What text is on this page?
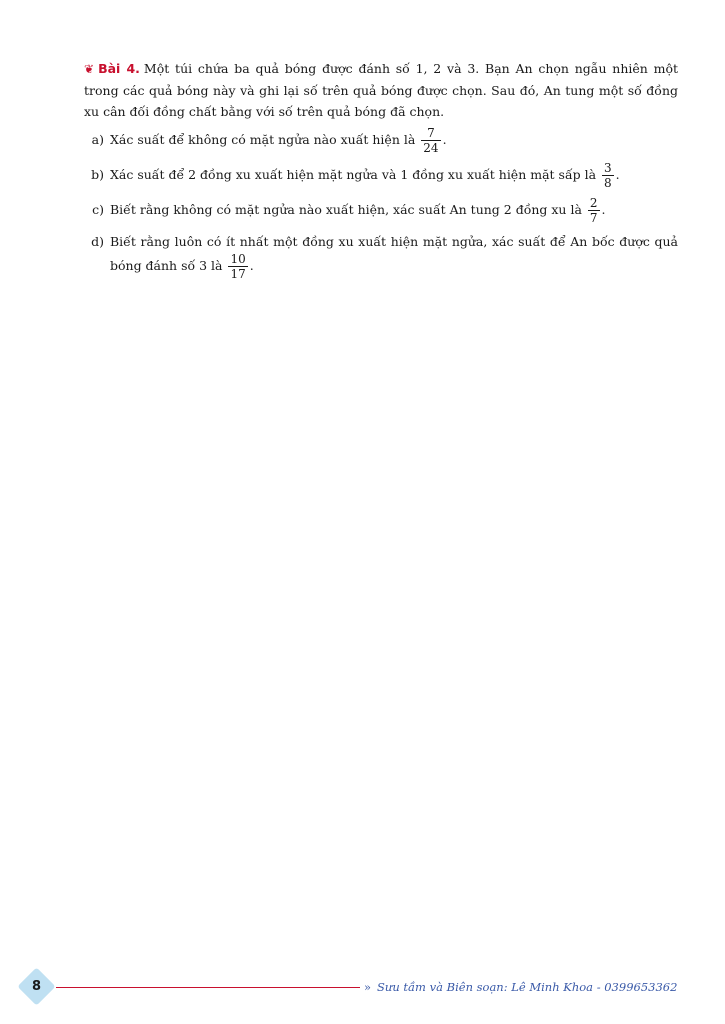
❦ Bài 4. Một túi chứa ba quả bóng được đánh số 1, 2 và 3. Bạn An chọn ngẫu nhiên một trong các quả bóng này và ghi lại số trên quả bóng được chọn. Sau đó, An tung một số đồng xu cân đối đồng chất bằng với số trên quả bóng đã chọn.

a) Xác suất để không có mặt ngửa nào xuất hiện là $\frac{7}{24}$ .
b) Xác suất để 2 đồng xu xuất hiện mặt ngửa và 1 đồng xu xuất hiện mặt sấp là $\frac{3}{8}$ .
c) Biết rằng không có mặt ngửa nào xuất hiện, xác suất An tung 2 đồng xu là $\frac{2}{7}$ .
d) Biết rằng luôn có ít nhất một đồng xu xuất hiện mặt ngửa, xác suất để An bốc được quả bóng đánh số 3 là $\frac{10}{17}$ .
8	» Sưu tầm và Biên soạn: Lê Minh Khoa - 0399653362
